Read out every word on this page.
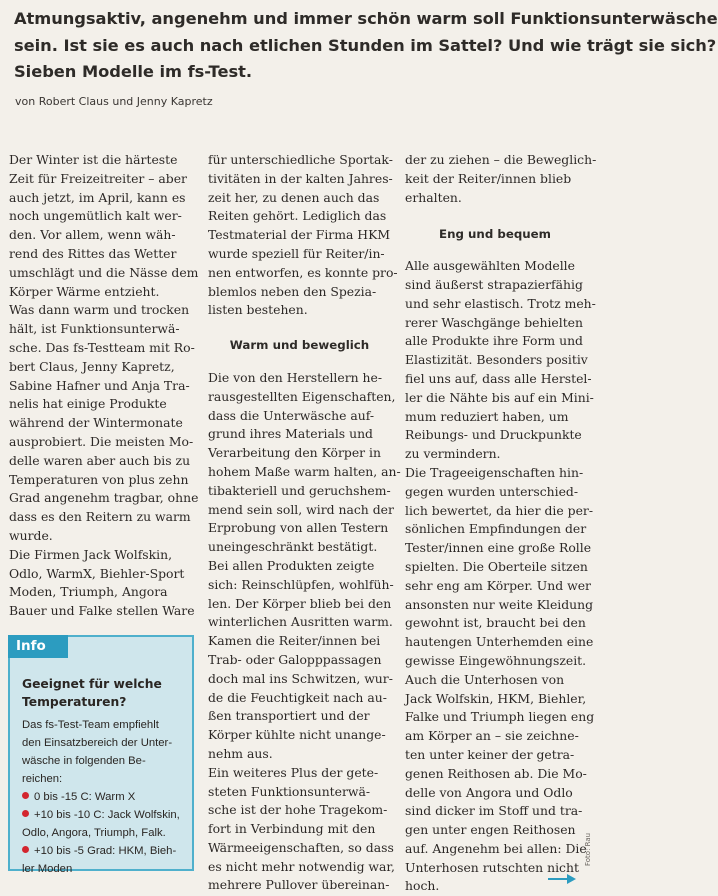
Atmungsaktiv, angenehm und immer schön warm soll Funktionsunterwäsche
sein. Ist sie es auch nach etlichen Stunden im Sattel? Und wie trägt sie sich?
Sieben Modelle im fs-Test.
von Robert Claus und Jenny Kapretz

Der Winter ist die härteste
Zeit für Freizeitreiter – aber
auch jetzt, im April, kann es
noch ungemütlich kalt wer-
den. Vor allem, wenn wäh-
rend des Rittes das Wetter
umschlägt und die Nässe dem
Körper Wärme entzieht.
Was dann warm und trocken
hält, ist Funktionsunterwä-
sche. Das fs-Testteam mit Ro-
bert Claus, Jenny Kapretz,
Sabine Hafner und Anja Tra-
nelis hat einige Produkte
während der Wintermonate
ausprobiert. Die meisten Mo-
delle waren aber auch bis zu
Temperaturen von plus zehn
Grad angenehm tragbar, ohne
dass es den Reitern zu warm
wurde.
Die Firmen Jack Wolfskin,
Odlo, WarmX, Biehler-Sport
Moden, Triumph, Angora
Bauer und Falke stellen Ware

Info
Geeignet für welche
Temperaturen?
Das fs-Test-Team empfiehlt
den Einsatzbereich der Unter-
wäsche in folgenden Be-
reichen:
0 bis -15 C: Warm X
+10 bis -10 C: Jack Wolfskin,
Odlo, Angora, Triumph, Falk.
+10 bis -5 Grad: HKM, Bieh-
ler Moden

für unterschiedliche Sportak-
tivitäten in der kalten Jahres-
zeit her, zu denen auch das
Reiten gehört. Lediglich das
Testmaterial der Firma HKM
wurde speziell für Reiter/in-
nen entworfen, es konnte pro-
blemlos neben den Spezia-
listen bestehen.

Warm und beweglich

Die von den Herstellern he-
rausgestellten Eigenschaften,
dass die Unterwäsche auf-
grund ihres Materials und
Verarbeitung den Körper in
hohem Maße warm halten, an-
tibakteriell und geruchshem-
mend sein soll, wird nach der
Erprobung von allen Testern
uneingeschränkt bestätigt.
Bei allen Produkten zeigte
sich: Reinschlüpfen, wohlfüh-
len. Der Körper blieb bei den
winterlichen Ausritten warm.
Kamen die Reiter/innen bei
Trab- oder Galopppassagen
doch mal ins Schwitzen, wur-
de die Feuchtigkeit nach au-
ßen transportiert und der
Körper kühlte nicht unange-
nehm aus.
Ein weiteres Plus der gete-
steten Funktionsunterwä-
sche ist der hohe Tragekom-
fort in Verbindung mit den
Wärmeeigenschaften, so dass
es nicht mehr notwendig war,
mehrere Pullover übereinan-

der zu ziehen – die Beweglich-
keit der Reiter/innen blieb
erhalten.

Eng und bequem

Alle ausgewählten Modelle
sind äußerst strapazierfähig
und sehr elastisch. Trotz meh-
rerer Waschgänge behielten
alle Produkte ihre Form und
Elastizität. Besonders positiv
fiel uns auf, dass alle Herstel-
ler die Nähte bis auf ein Mini-
mum reduziert haben, um
Reibungs- und Druckpunkte
zu vermindern.
Die Trageeigenschaften hin-
gegen wurden unterschied-
lich bewertet, da hier die per-
sönlichen Empfindungen der
Tester/innen eine große Rolle
spielten. Die Oberteile sitzen
sehr eng am Körper. Und wer
ansonsten nur weite Kleidung
gewohnt ist, braucht bei den
hautengen Unterhemden eine
gewisse Eingewöhnungszeit.
Auch die Unterhosen von
Jack Wolfskin, HKM, Biehler,
Falke und Triumph liegen eng
am Körper an – sie zeichne-
ten unter keiner der getra-
genen Reithosen ab. Die Mo-
delle von Angora und Odlo
sind dicker im Stoff und tra-
gen unter engen Reithosen
auf. Angenehm bei allen: Die
Unterhosen rutschten nicht
hoch.

Foto: Rau
